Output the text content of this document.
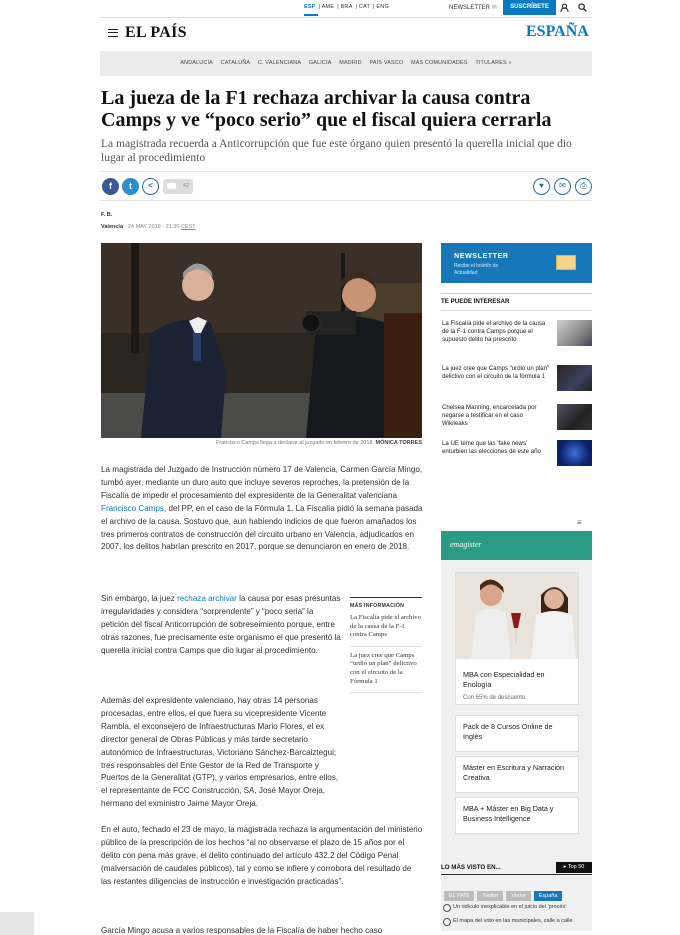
ESP | AME | BRA | CAT | ENG	NEWSLETTER ✉	SUSCRÍBETE
EL PAÍS	ESPAÑA
ANDALUCÍA CATALUÑA C. VALENCIANA GALICIA MADRID PAÍS VASCO MÁS COMUNIDADES TITULARES »
La jueza de la F1 rechaza archivar la causa contra Camps y ve “poco serio” que el fiscal quiera cerrarla

La magistrada recuerda a Anticorrupción que fue este órgano quien presentó la querella inicial que dio lugar al procedimiento

f	t	<	42	♥	✉	⎙
F. B.
Valencia · 24 MAY 2019 - 21:35 CEST
Francisco Camps llega a declarar al juzgado en febrero de 2018. MÓNICA TORRES

La magistrada del Juzgado de Instrucción número 17 de Valencia, Carmen García Mingo, tumbó ayer, mediante un duro auto que incluye severos reproches, la pretensión de la Fiscalía de impedir el procesamiento del expresidente de la Generalitat valenciana Francisco Camps, del PP, en el caso de la Fórmula 1. La Fiscalía pidió la semana pasada el archivo de la causa. Sostuvo que, aun habiendo indicios de que fueron amañados los tres primeros contratos de construcción del circuito urbano en Valencia, adjudicados en 2007, los delitos habrían prescrito en 2017, porque se denunciaron en enero de 2018.

Sin embargo, la juez rechaza archivar la causa por esas presuntas irregularidades y considera “sorprendente” y “poco seria” la petición del fiscal Anticorrupción de sobreseimiento porque, entre otras razones, fue precisamente este organismo el que presentó la querella inicial contra Camps que dio lugar al procedimiento.

MÁS INFORMACIÓN
La Fiscalía pide el archivo de la causa de la F-1 contra Camps
La juez cree que Camps “urdió un plan” delictivo con el circuito de la Fórmula 1

Además del expresidente valenciano, hay otras 14 personas procesadas, entre ellos, el que fuera su vicepresidente Vicente Rambla, el exconsejero de Infraestructuras Mario Flores, el ex director general de Obras Públicas y más tarde secretario autonómico de Infraestructuras, Victoriano Sánchez-Barcaiztegui; tres responsables del Ente Gestor de la Red de Transporte y Puertos de la Generalitat (GTP), y varios empresarios, entre ellos, el representante de FCC Construcción, SA, José Mayor Oreja, hermano del exministro Jaime Mayor Oreja.

En el auto, fechado el 23 de mayo, la magistrada rechaza la argumentación del ministerio público de la prescripción de los hechos “al no observarse el plazo de 15 años por el delito con pena más grave, el delito continuado del artículo 432.2 del Código Penal (malversación de caudales públicos), tal y como se infiere y corrobora del resultado de las restantes diligencias de instrucción e investigación practicadas”.

García Mingo acusa a varios responsables de la Fiscalía de haber hecho caso

NEWSLETTER
Recibe el boletín de Actualidad
TE PUEDE INTERESAR
La Fiscalía pide el archivo de la causa de la F-1 contra Camps porque el supuesto delito ha prescrito
La juez cree que Camps “urdió un plan” delictivo con el circuito de la fórmula 1
Chelsea Manning, encarcelada por negarse a testificar en el caso Wikileaks
La UE teme que las ‘fake news’ enturbien las elecciones de este año
≡
emagister
MBA con Especialidad en Enología
Con 65% de descuento
Pack de 8 Cursos Online de Inglés
Máster en Escritura y Narración Creativa
MBA + Máster en Big Data y Business Intelligence
LO MÁS VISTO EN...	▸ Top 50
EL PAÍS Twitter Verne España
Un ridículo inexplicable en el juicio del ‘procés’
El mapa del voto en las municipales, calle a calle
